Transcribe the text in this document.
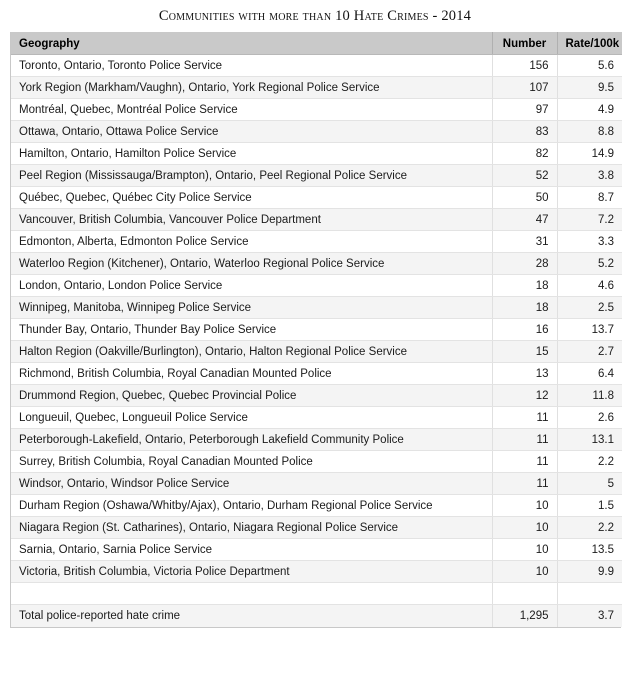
Communities with more than 10 Hate Crimes - 2014
Geography	Number	Rate/100k
Toronto, Ontario, Toronto Police Service	156	5.6
York Region (Markham/Vaughn), Ontario, York Regional Police Service	107	9.5
Montréal, Quebec, Montréal Police Service	97	4.9
Ottawa, Ontario, Ottawa Police Service	83	8.8
Hamilton, Ontario, Hamilton Police Service	82	14.9
Peel Region (Mississauga/Brampton), Ontario, Peel Regional Police Service	52	3.8
Québec, Quebec, Québec City Police Service	50	8.7
Vancouver, British Columbia, Vancouver Police Department	47	7.2
Edmonton, Alberta, Edmonton Police Service	31	3.3
Waterloo Region (Kitchener), Ontario, Waterloo Regional Police Service	28	5.2
London, Ontario, London Police Service	18	4.6
Winnipeg, Manitoba, Winnipeg Police Service	18	2.5
Thunder Bay, Ontario, Thunder Bay Police Service	16	13.7
Halton Region (Oakville/Burlington), Ontario, Halton Regional Police Service	15	2.7
Richmond, British Columbia, Royal Canadian Mounted Police	13	6.4
Drummond Region, Quebec, Quebec Provincial Police	12	11.8
Longueuil, Quebec, Longueuil Police Service	11	2.6
Peterborough-Lakefield, Ontario, Peterborough Lakefield Community Police	11	13.1
Surrey, British Columbia, Royal Canadian Mounted Police	11	2.2
Windsor, Ontario, Windsor Police Service	11	5
Durham Region (Oshawa/Whitby/Ajax), Ontario, Durham Regional Police Service	10	1.5
Niagara Region (St. Catharines), Ontario, Niagara Regional Police Service	10	2.2
Sarnia, Ontario, Sarnia Police Service	10	13.5
Victoria, British Columbia, Victoria Police Department	10	9.9

Total police-reported hate crime	1,295	3.7
